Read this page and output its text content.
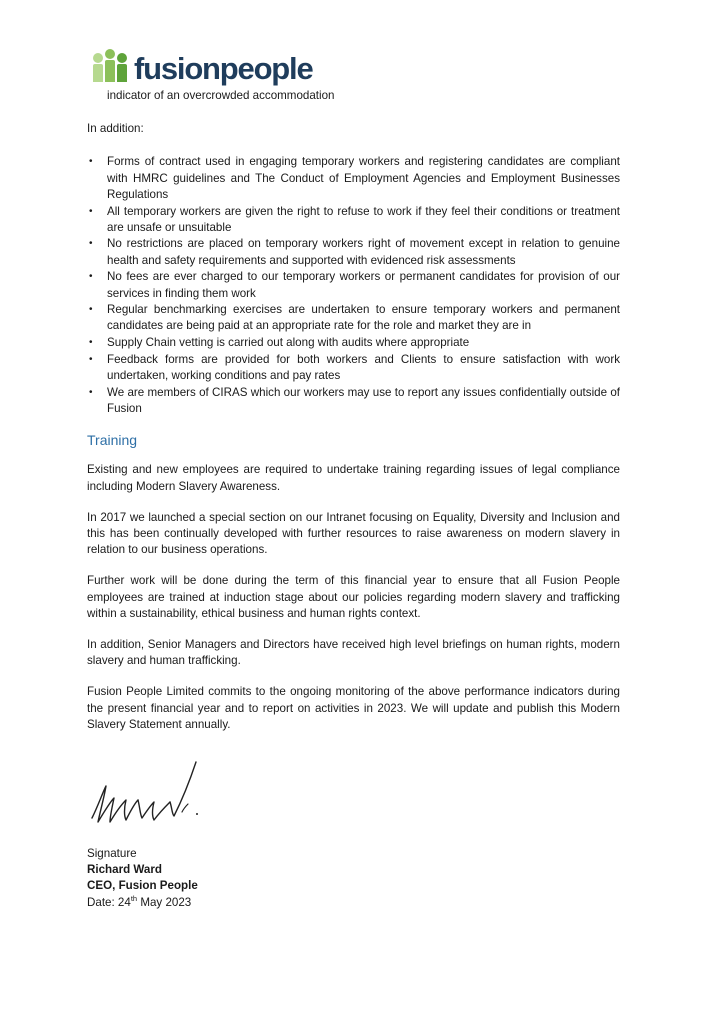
fusionpeople

indicator of an overcrowded accommodation

In addition:

• Forms of contract used in engaging temporary workers and registering candidates are compliant with HMRC guidelines and The Conduct of Employment Agencies and Employment Businesses Regulations
• All temporary workers are given the right to refuse to work if they feel their conditions or treatment are unsafe or unsuitable
• No restrictions are placed on temporary workers right of movement except in relation to genuine health and safety requirements and supported with evidenced risk assessments
• No fees are ever charged to our temporary workers or permanent candidates for provision of our services in finding them work
• Regular benchmarking exercises are undertaken to ensure temporary workers and permanent candidates are being paid at an appropriate rate for the role and market they are in
• Supply Chain vetting is carried out along with audits where appropriate
• Feedback forms are provided for both workers and Clients to ensure satisfaction with work undertaken, working conditions and pay rates
• We are members of CIRAS which our workers may use to report any issues confidentially outside of Fusion
Training

Existing and new employees are required to undertake training regarding issues of legal compliance including Modern Slavery Awareness.

In 2017 we launched a special section on our Intranet focusing on Equality, Diversity and Inclusion and this has been continually developed with further resources to raise awareness on modern slavery in relation to our business operations.

Further work will be done during the term of this financial year to ensure that all Fusion People employees are trained at induction stage about our policies regarding modern slavery and trafficking within a sustainability, ethical business and human rights context.

In addition, Senior Managers and Directors have received high level briefings on human rights, modern slavery and human trafficking.

Fusion People Limited commits to the ongoing monitoring of the above performance indicators during the present financial year and to report on activities in 2023. We will update and publish this Modern Slavery Statement annually.

Signature
Richard Ward
CEO, Fusion People
Date: 24th May 2023
